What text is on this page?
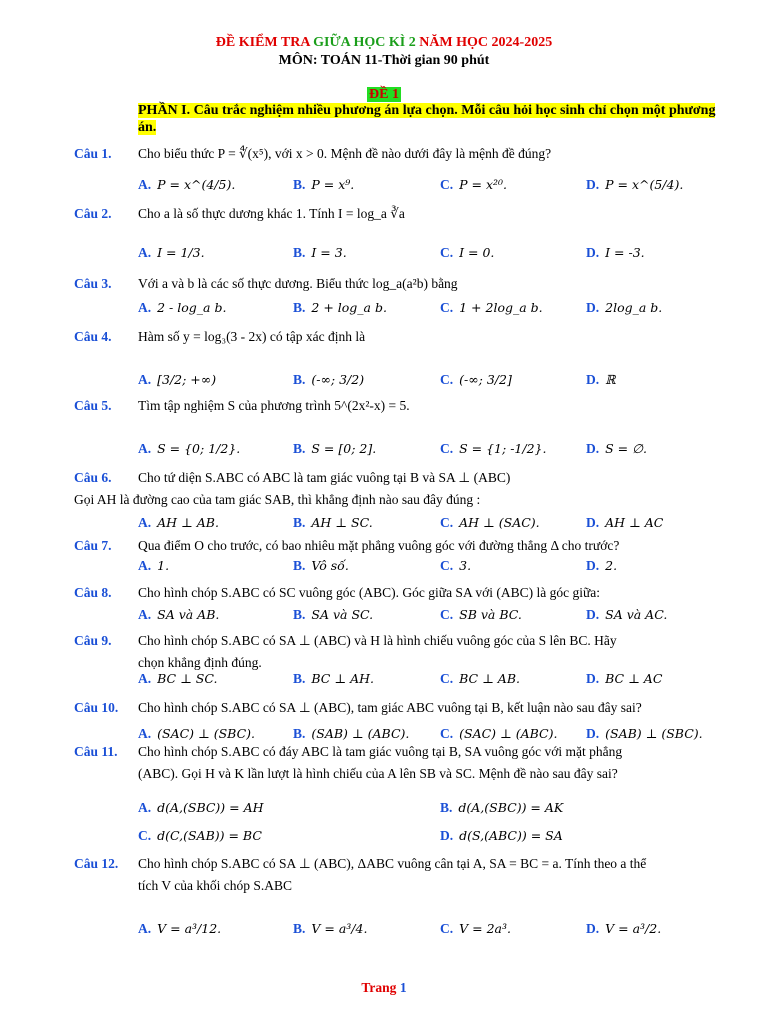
ĐỀ KIỂM TRA GIỮA HỌC KÌ 2 NĂM HỌC 2024-2025
MÔN: TOÁN 11-Thời gian 90 phút
ĐỀ 1
PHẦN I. Câu trắc nghiệm nhiều phương án lựa chọn. Mỗi câu hỏi học sinh chỉ chọn một phương án.
Câu 1. Cho biểu thức P = ∜(x⁵), với x > 0. Mệnh đề nào dưới đây là mệnh đề đúng?
A. P = x^(4/5).	B. P = x⁹.	C. P = x²⁰.	D. P = x^(5/4).
Câu 2. Cho a là số thực dương khác 1. Tính I = log_a ∛a
A. I = 1/3.	B. I = 3.	C. I = 0.	D. I = -3.
Câu 3. Với a và b là các số thực dương. Biểu thức log_a(a²b) bằng
A. 2 - log_a b.	B. 2 + log_a b.	C. 1 + 2log_a b.	D. 2log_a b.
Câu 4. Hàm số y = log₃(3 - 2x) có tập xác định là
A. [3/2; +∞)	B. (-∞; 3/2)	C. (-∞; 3/2]	D. ℝ
Câu 5. Tìm tập nghiệm S của phương trình 5^(2x²-x) = 5.
A. S = {0; 1/2}.	B. S = [0; 2].	C. S = {1; -1/2}.	D. S = ∅.
Câu 6. Cho tứ diện S.ABC có ABC là tam giác vuông tại B và SA ⊥ (ABC)
Gọi AH là đường cao của tam giác SAB, thì khẳng định nào sau đây đúng :
A. AH ⊥ AB.	B. AH ⊥ SC.	C. AH ⊥ (SAC).	D. AH ⊥ AC
Câu 7. Qua điểm O cho trước, có bao nhiêu mặt phẳng vuông góc với đường thẳng Δ cho trước?
A. 1.	B. Vô số.	C. 3.	D. 2.
Câu 8. Cho hình chóp S.ABC có SC vuông góc (ABC). Góc giữa SA với (ABC) là góc giữa:
A. SA và AB.	B. SA và SC.	C. SB và BC.	D. SA và AC.
Câu 9. Cho hình chóp S.ABC có SA ⊥ (ABC) và H là hình chiếu vuông góc của S lên BC. Hãy
chọn khẳng định đúng.
A. BC ⊥ SC.	B. BC ⊥ AH.	C. BC ⊥ AB.	D. BC ⊥ AC
Câu 10. Cho hình chóp S.ABC có SA ⊥ (ABC), tam giác ABC vuông tại B, kết luận nào sau đây sai?
A. (SAC) ⊥ (SBC).	B. (SAB) ⊥ (ABC). C. (SAC) ⊥ (ABC). D. (SAB) ⊥ (SBC).
Câu 11. Cho hình chóp S.ABC có đáy ABC là tam giác vuông tại B, SA vuông góc với mặt phẳng
(ABC). Gọi H và K lần lượt là hình chiếu của A lên SB và SC. Mệnh đề nào sau đây sai?
A. d(A,(SBC)) = AH	B. d(A,(SBC)) = AK
C. d(C,(SAB)) = BC	D. d(S,(ABC)) = SA
Câu 12. Cho hình chóp S.ABC có SA ⊥ (ABC), ΔABC vuông cân tại A, SA = BC = a. Tính theo a thể
tích V của khối chóp S.ABC
A. V = a³/12.	B. V = a³/4.	C. V = 2a³.	D. V = a³/2.
Trang 1
